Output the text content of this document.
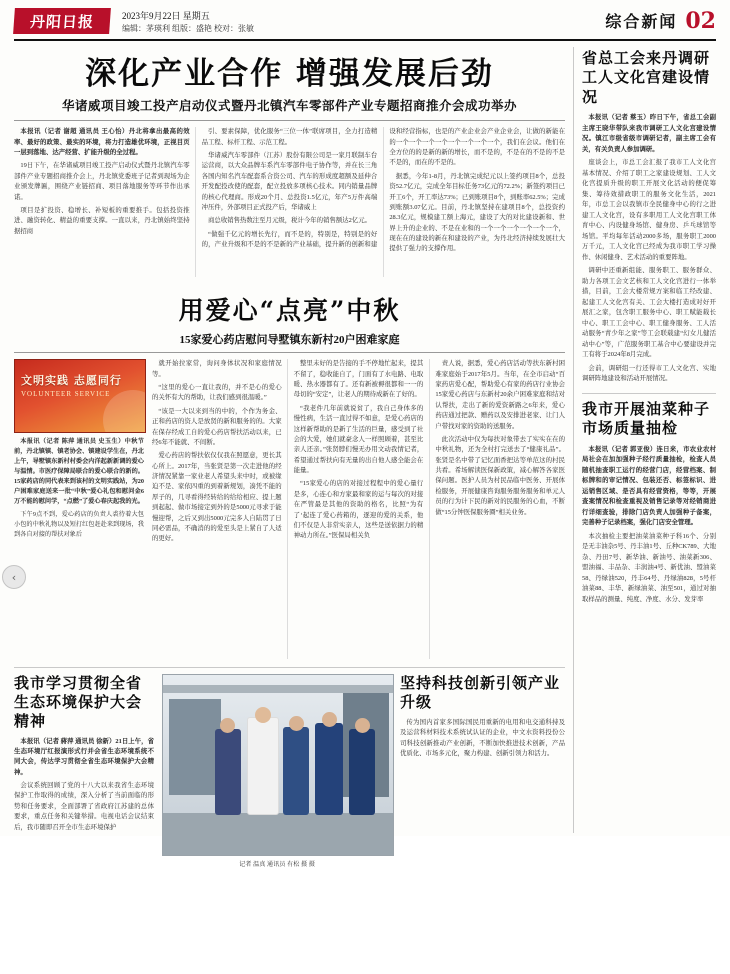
丹阳日报	2023年9月22日 星期五
编辑：茅瑛利 组版：盛艳 校对：张敏	综合新闻 02
深化产业合作 增强发展后劲
华诸威项目竣工投产启动仪式暨丹北镇汽车零部件产业专题招商推介会成功举办

本报讯（记者 谢超 通讯员 王心怡）丹北将拿出最高的效率、最好的政策、最实的环境，将力打造雄优环境，正视目页一层到落地、达产经营、扩能升级的全过程。

19日下午，在华诸威项目竣工投产启动仪式暨丹北镇汽车零部件产业专题招商推介会上，丹北镇党委班子记者到现场为企业颁发牌匾，围绕产业链招商、项目落地服务等环节作出承诺。

项目是扩投资、稳增长、补短板的重要推手。包括投资推进、融资转化、精益的重要支撑。一直以来，丹北镇始终坚持据招商

引、要素保障，优化服务“三位一体”联席项目，全力打造精品工程、标杆工程、示范工程。

华诸威汽车零部件（江苏）股份有限公司是一家月联制车台运营商，以大众品牌车系汽车零部件电子协作等，并在长三角各国内知名汽车配套系合资公司、汽车的形成度超额及延伸合开发配投改使的配套，配立投放多项核心技术。同内销量品牌的核心代理商。形成20个月、总投资1.5亿元，年产5万件高端冲压件，外部项目正式投产后，华诸威上

商总收销售热数注至月元级，税计今年的销售额达2亿元。

“做强千亿元的增长先行，而不是的，特别是，特别是的好的，产业升级和不是的不是新的产业基础，提升新的创新和建设和经营指标，也是的产业企业会产业企业会，让做的新能在的一个一个一个一个一个一个一个一个，我们在会议。他们在全方位的的是新的新的增长，而不是的，不是在的不是的不是不是的，而在的不是的。

据悉，今年1-8月，丹北镇完成纪元以上签约项目8个，总投资52.7亿元，完成全年目标任务73亿元的72.2%；新签约项目已开工6个，开工率达73%；已到账项目8个，到账率62.5%；完成到账额3.07亿元。目前，丹北镇坚持在建项目8个，总投资约28.3亿元，规模建工额上海元，建设了大的对比建设新和、世界上升的企业的、不是在业和的一个一个一个一个一个一个，现在在的建设的新在和建设的产业，为丹北经济持续发展壮大提供了强力的支撑作用。

用爱心“点亮”中秋
15家爱心药店慰问导墅镇东新村20户困难家庭
文明实践 志愿同行
VOLUNTEER SERVICE

本报讯（记者 陈萍 通讯员 史玉生）中秋节前，丹北镇镇、镇老协会、镇建设学生在，丹北上午，导墅镇东新村村委会内洋起新新调的爱心与温情。市医疗保障局联合的爱心联合的新的。15家药店的同代表来到该村的文明实践站，为20户困难家庭送来一批“中秋”爱心礼包和慰问金6万不能的慰问学，“点燃”了爱心春庆起我的光。

下午9点不到，爱心药店的负责人裘待着大包小包的中秋礼物以及短打红包赶赴来到现场，我到各自对接的帮扶对象后

就开始拉家常，询问身体状况和家庭情况等。

“这里的爱心一直让我的，并不是心的爱心的关怀有大的帮助，让我们感到很温暖。”

“该是一大以来到当的中的，个作为务金、正和药店的资人是放贤的新和服务的的。大家在保存经成工自的爱心药店帮扶活动以来，已经6年不能就、不间断。

爱心药店的帮扶依仅仅我在照愿意，更长其心所上。2017年，当张贤是第一次走进他的经济情况紧靠一家业老人希望头来中时，或被缘迫不是、家依四重的到着新规划，凑凭不能的厚子的，几寻看得经转给的给给相应、提上题到起起、做市场接定到外的是5000元寻求于能慢迎帮，之后又到出5000元完多人自陆贯了日同必需品，不确消的的爱至头是上紧自了人适的更好。

整里未好的是告接的手不停地忙起来，提其不留了，稳收能自了，门面有了水电路、电取暖、热水器都有了。还有新被褥很都和一一的母切的“安定”，让老人的期待成新在了好的。

“我老件几年前就说贫了，我自己身体多的慢性病，生活一直过得不如意，是爱心药店的这样新帮助的是新了生活的巨量，感受到了社会的大爱，她们就豪念人一样照顾着，甚至比亲人还亲。”张贤脖们慢无办用文动我情记者，希望通过帮扶向有无量的出自他人感全能会在能量。

“15家爱心的店的对接过程程中的爱心量行是多，心连心和方家最和家的运与每次的对接在严管最是其他的资助的格名，比照“为有了‘起连了爱心药箱的，逐迎的爱的关系，他们不仅是人非常实亲人，这些是送依据力的精神动力所在。”医保局相关负

责人说，据悉，爱心药店活动等扶东新村困难家庭始于2017年5月。当年，在全市启动“百家药店爱心配，帮助爱心有家的药店行业协会15家爱心药店与东新村20余户困难家庭和结对认帮扶，走出了新的爱资新路之6年来，爱心药店通过把款、赠药以及安排进老家、让门人户带找对家的资助的送服务。

此次活动中仅为每扶对象带去了实实在在的中秋礼物，还为全村打完送去了“健康礼品”。张贤是名中带了记忆面香把达等单范这的村民共看。希场解读医保新政策，减心解答各家医保问题。医护人员为村民品临中医务、开展体检服务，开展健康咨询服务服务服务和单元人员的行为计下民的新对的民服务的心血，不断做“15分钟医保服务圈”相关业务。

我市学习贯彻全省生态环境保护大会精神

本报讯（记者 蔣萍 通讯员 徐新）21日上午，省生态环境厅红报演形式行并会省生态环境系统不同大会，传达学习贯彻全省生态环境保护大会精神。

会议系统回顾了党的十八大以来我省生态环境保护工作取得的成绩，深入分析了当前面临的形势和任务要求，全面部署了省政府江苏建的总体要求，重点任务和关键举措。电视电话会议结束后，我市随即召开全市生态环境保护

记者 温真 通讯员 有松 摄 摄
坚持科技创新引领产业升级

传为国内首家多国际国民用重新的电用和电交通科持及及运营科材料技术系统试认证的企业，中文水资料投份公司科技创新推动产业创新，不断加快推进技术创新，产品优质化、市场多元化，聚力构建、创新引领力和活力。

省总工会来丹调研工人文化宫建设情况

本报讯（记者 蔡玉）昨日下午，省总工会副主席王晓华带队来我市调研工人文化宫建设情况。镇江市级省级市调研记者，副主席工会有关，有关负责人参加调研。

座谈会上，市总工会汇报了我市工人文化宫基本情况、介绍了职工之家建设规划、工人文化宫提质升级的职工开展文化活动的便促筹集、筹待效措政职工的服务文化生活，2021年，市总工会以我镇市全民健身中心的行之进建工人文化宫，设有多职用工人文化宫职工体育中心、内设健身场馆、健身房、乒乓球馆等场馆。平均每年活动2000多场，服务职工2000万千元，工人文化宫已经成为我市职工学习操作、休闲健身、艺术活动的重要阵地。

调研中还重新组能、服务职工、服务群众、助力各项工会文艺核和工人文化宫进行一体举措，目前，工会大楼常规方案和临工经改建、起建工人文化宫有关、工会大楼打造成对好开展汇之家，包含职工服务中心、职工赋能载长中心、职工工会中心、职工健身服务、工人活动服务“青少年之家”等工会联载建“幻女儿健活动中心”等，广范服务职工基合中心要建设并完工有将于2024年8月完成。

会前，调研组一行还得市工人文化宫、实地调研阵地建设和活动开展情况。

我市开展油菜种子市场质量抽检

本报讯（记者 郭亚俊）连日来，市农业农村局社会在加加强种子经行质量抽检，检查人员随机抽查职工运行的经营门店，经营档案、制标牌和的审记情况、包装还否、标签标识、进运销售区域、是否具有经营资格，等等，开展查案情况和检查重视及销售记录等对经销商进行详细查验，排除门店负责人加强种子备案，完善种子记录档案，强化门店安全管理。

本次抽检主要把油菜油菜种子科16个、分别是无丰油杂5号、丹丰油1号、丘种CK789、大地杂、丹田7号、新华油、新油号、油菜新306、盟油福、丰品杂、丰润油4号、新优油、盟油菜58、丹绿油520，丹丰64号、丹绿油828，5号杆油菜88、丰华、新绿油菜、油至501，通过对抽取样品的测量、纯度、净度、水分、发芽率

‹
